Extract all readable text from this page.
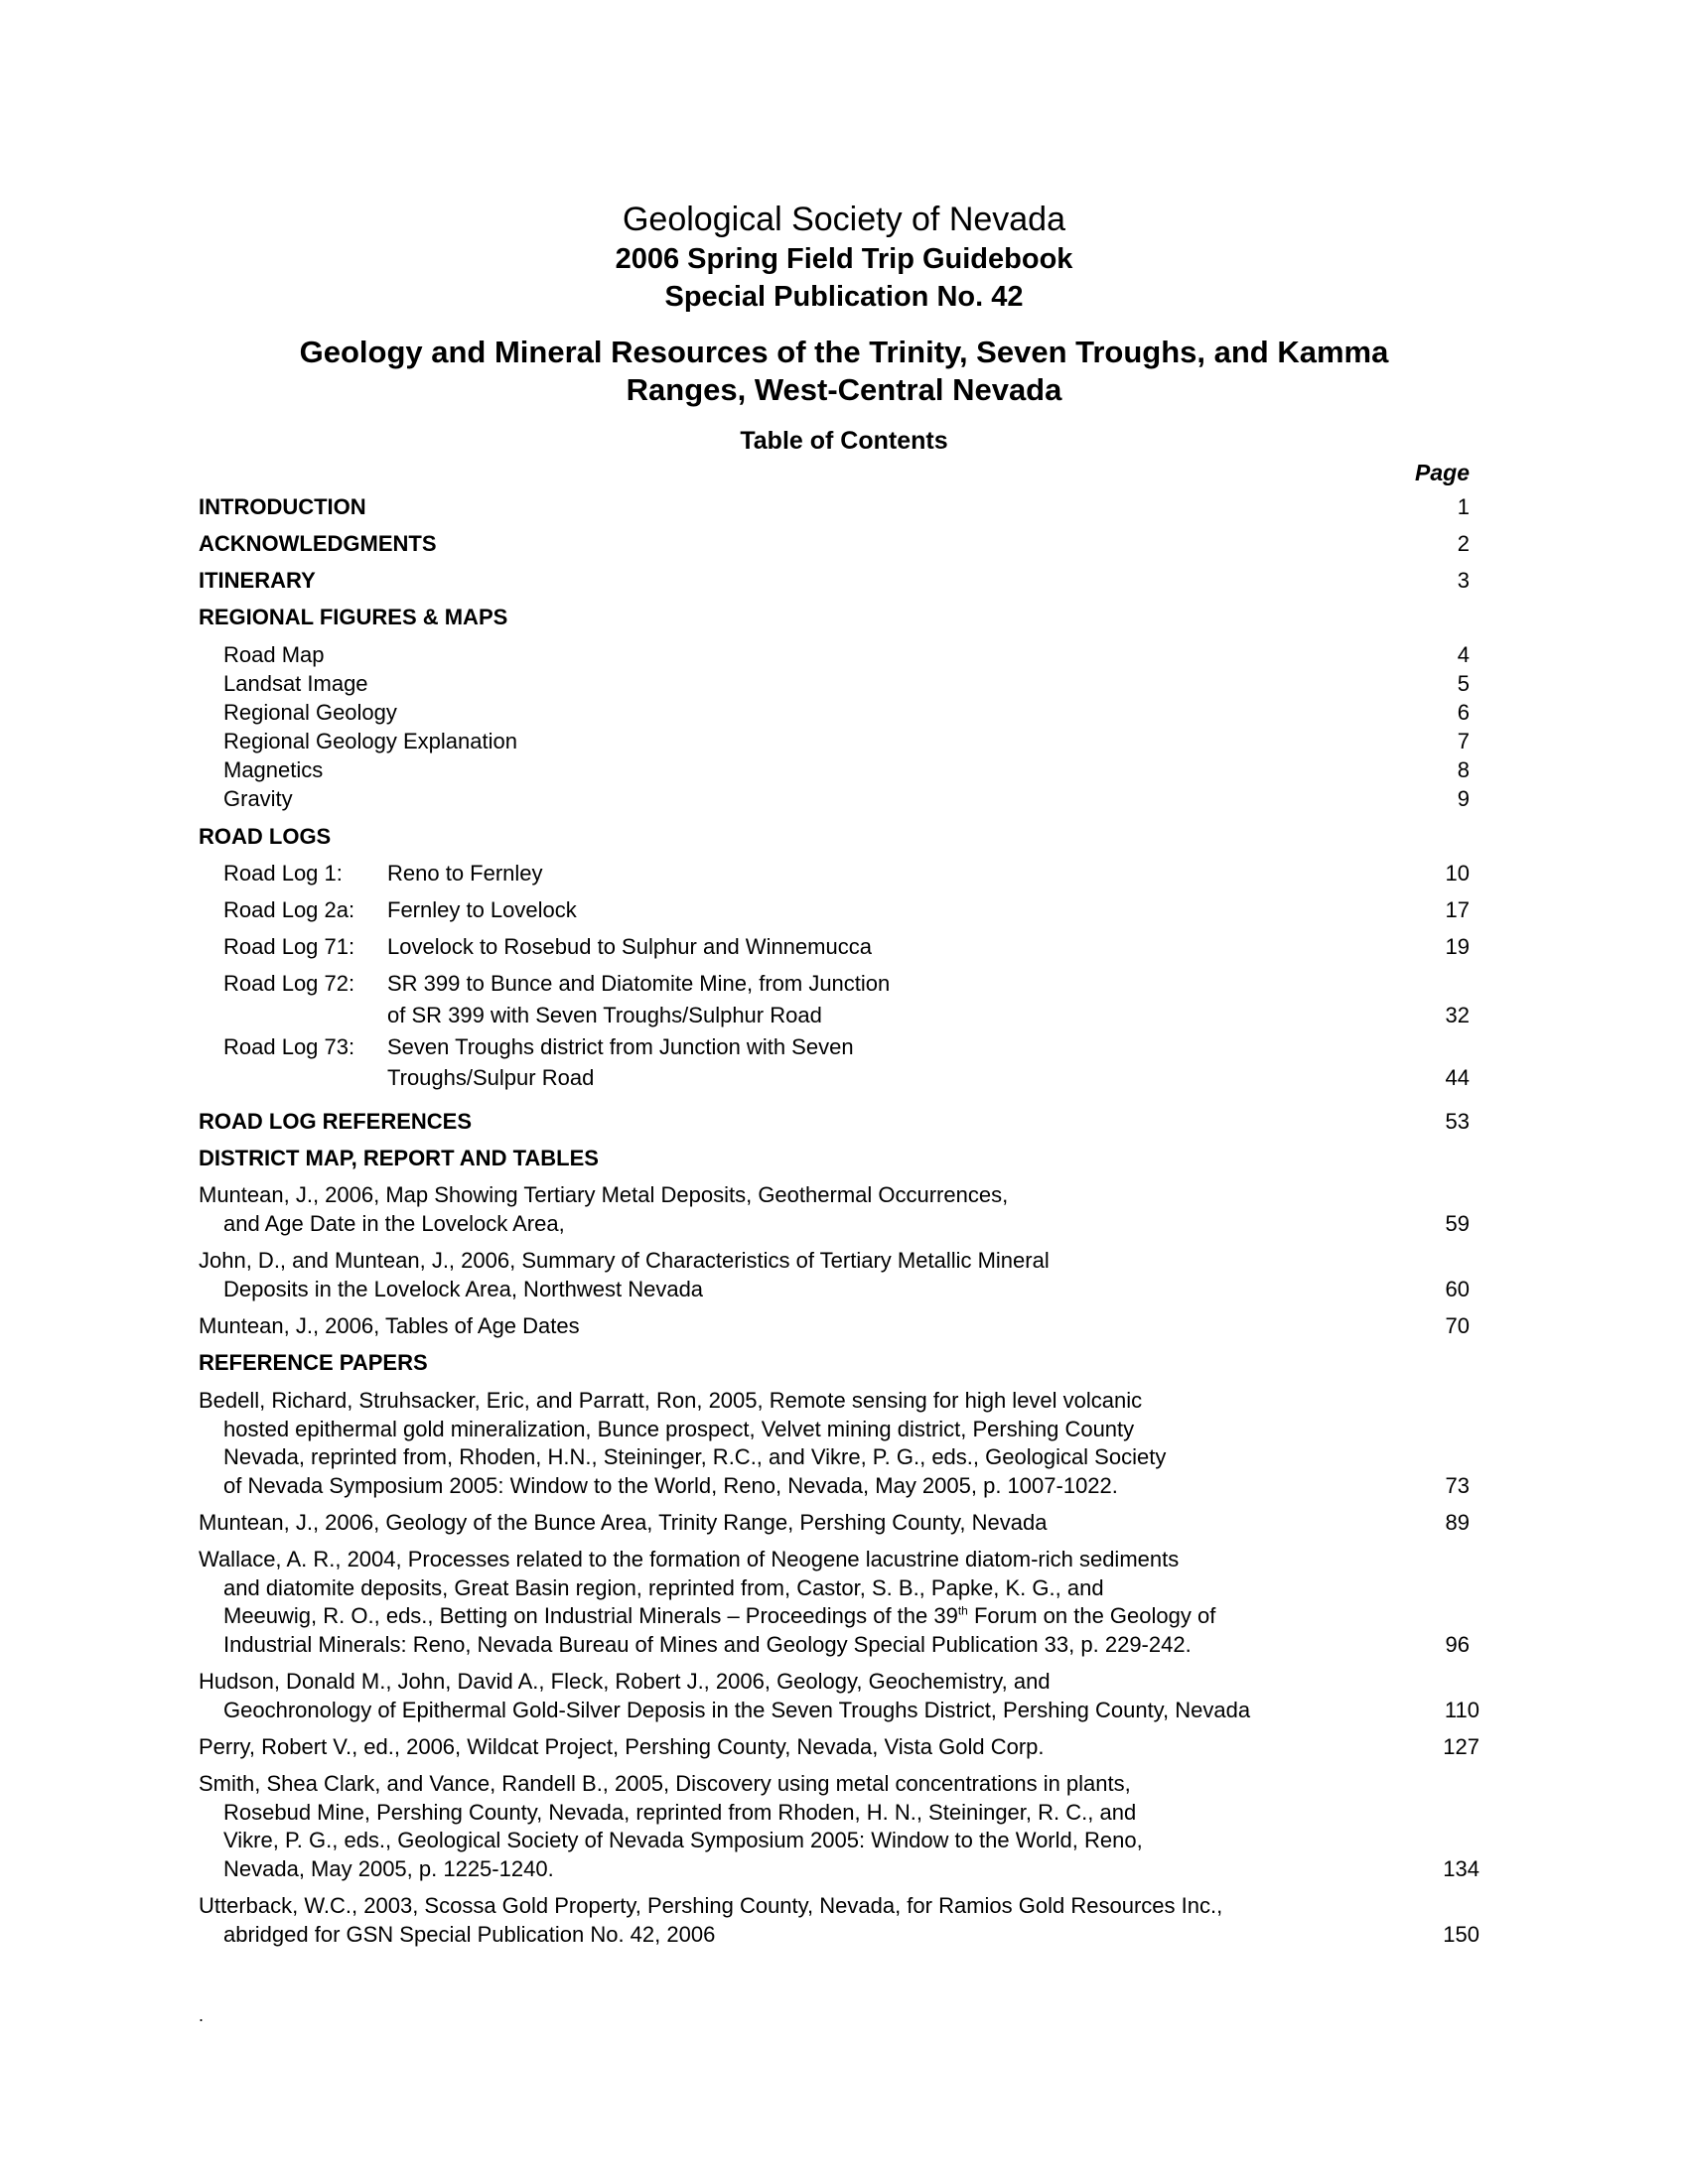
Geological Society of Nevada
2006 Spring Field Trip Guidebook
Special Publication No. 42
Geology and Mineral Resources of the Trinity, Seven Troughs, and Kamma
Ranges, West-Central Nevada
Table of Contents
Page
INTRODUCTION	1
ACKNOWLEDGMENTS	2
ITINERARY	3
REGIONAL FIGURES & MAPS
Road Map	4
Landsat Image	5
Regional Geology	6
Regional Geology Explanation	7
Magnetics	8
Gravity	9
ROAD LOGS
Road Log 1: Reno to Fernley	10
Road Log 2a: Fernley to Lovelock	17
Road Log 71: Lovelock to Rosebud to Sulphur and Winnemucca	19
Road Log 72: SR 399 to Bunce and Diatomite Mine, from Junction
of SR 399 with Seven Troughs/Sulphur Road	32
Road Log 73: Seven Troughs district from Junction with Seven
Troughs/Sulpur Road	44
ROAD LOG REFERENCES	53
DISTRICT MAP, REPORT AND TABLES
Muntean, J., 2006, Map Showing Tertiary Metal Deposits, Geothermal Occurrences,
and Age Date in the Lovelock Area,	59
John, D., and Muntean, J., 2006, Summary of Characteristics of Tertiary Metallic Mineral
Deposits in the Lovelock Area, Northwest Nevada	60
Muntean, J., 2006, Tables of Age Dates	70
REFERENCE PAPERS
Bedell, Richard, Struhsacker, Eric, and Parratt, Ron, 2005, Remote sensing for high level volcanic
hosted epithermal gold mineralization, Bunce prospect, Velvet mining district, Pershing County
Nevada, reprinted from, Rhoden, H.N., Steininger, R.C., and Vikre, P. G., eds., Geological Society
of Nevada Symposium 2005: Window to the World, Reno, Nevada, May 2005, p. 1007-1022.	73
Muntean, J., 2006, Geology of the Bunce Area, Trinity Range, Pershing County, Nevada	89
Wallace, A. R., 2004, Processes related to the formation of Neogene lacustrine diatom-rich sediments
and diatomite deposits, Great Basin region, reprinted from, Castor, S. B., Papke, K. G., and
Meeuwig, R. O., eds., Betting on Industrial Minerals – Proceedings of the 39th Forum on the Geology of
Industrial Minerals: Reno, Nevada Bureau of Mines and Geology Special Publication 33, p. 229-242.	96
Hudson, Donald M., John, David A., Fleck, Robert J., 2006, Geology, Geochemistry, and
Geochronology of Epithermal Gold-Silver Deposis in the Seven Troughs District, Pershing County, Nevada	110
Perry, Robert V., ed., 2006, Wildcat Project, Pershing County, Nevada, Vista Gold Corp.	127
Smith, Shea Clark, and Vance, Randell B., 2005, Discovery using metal concentrations in plants,
Rosebud Mine, Pershing County, Nevada, reprinted from Rhoden, H. N., Steininger, R. C., and
Vikre, P. G., eds., Geological Society of Nevada Symposium 2005: Window to the World, Reno,
Nevada, May 2005, p. 1225-1240.	134
Utterback, W.C., 2003, Scossa Gold Property, Pershing County, Nevada, for Ramios Gold Resources Inc.,
abridged for GSN Special Publication No. 42, 2006	150
.
